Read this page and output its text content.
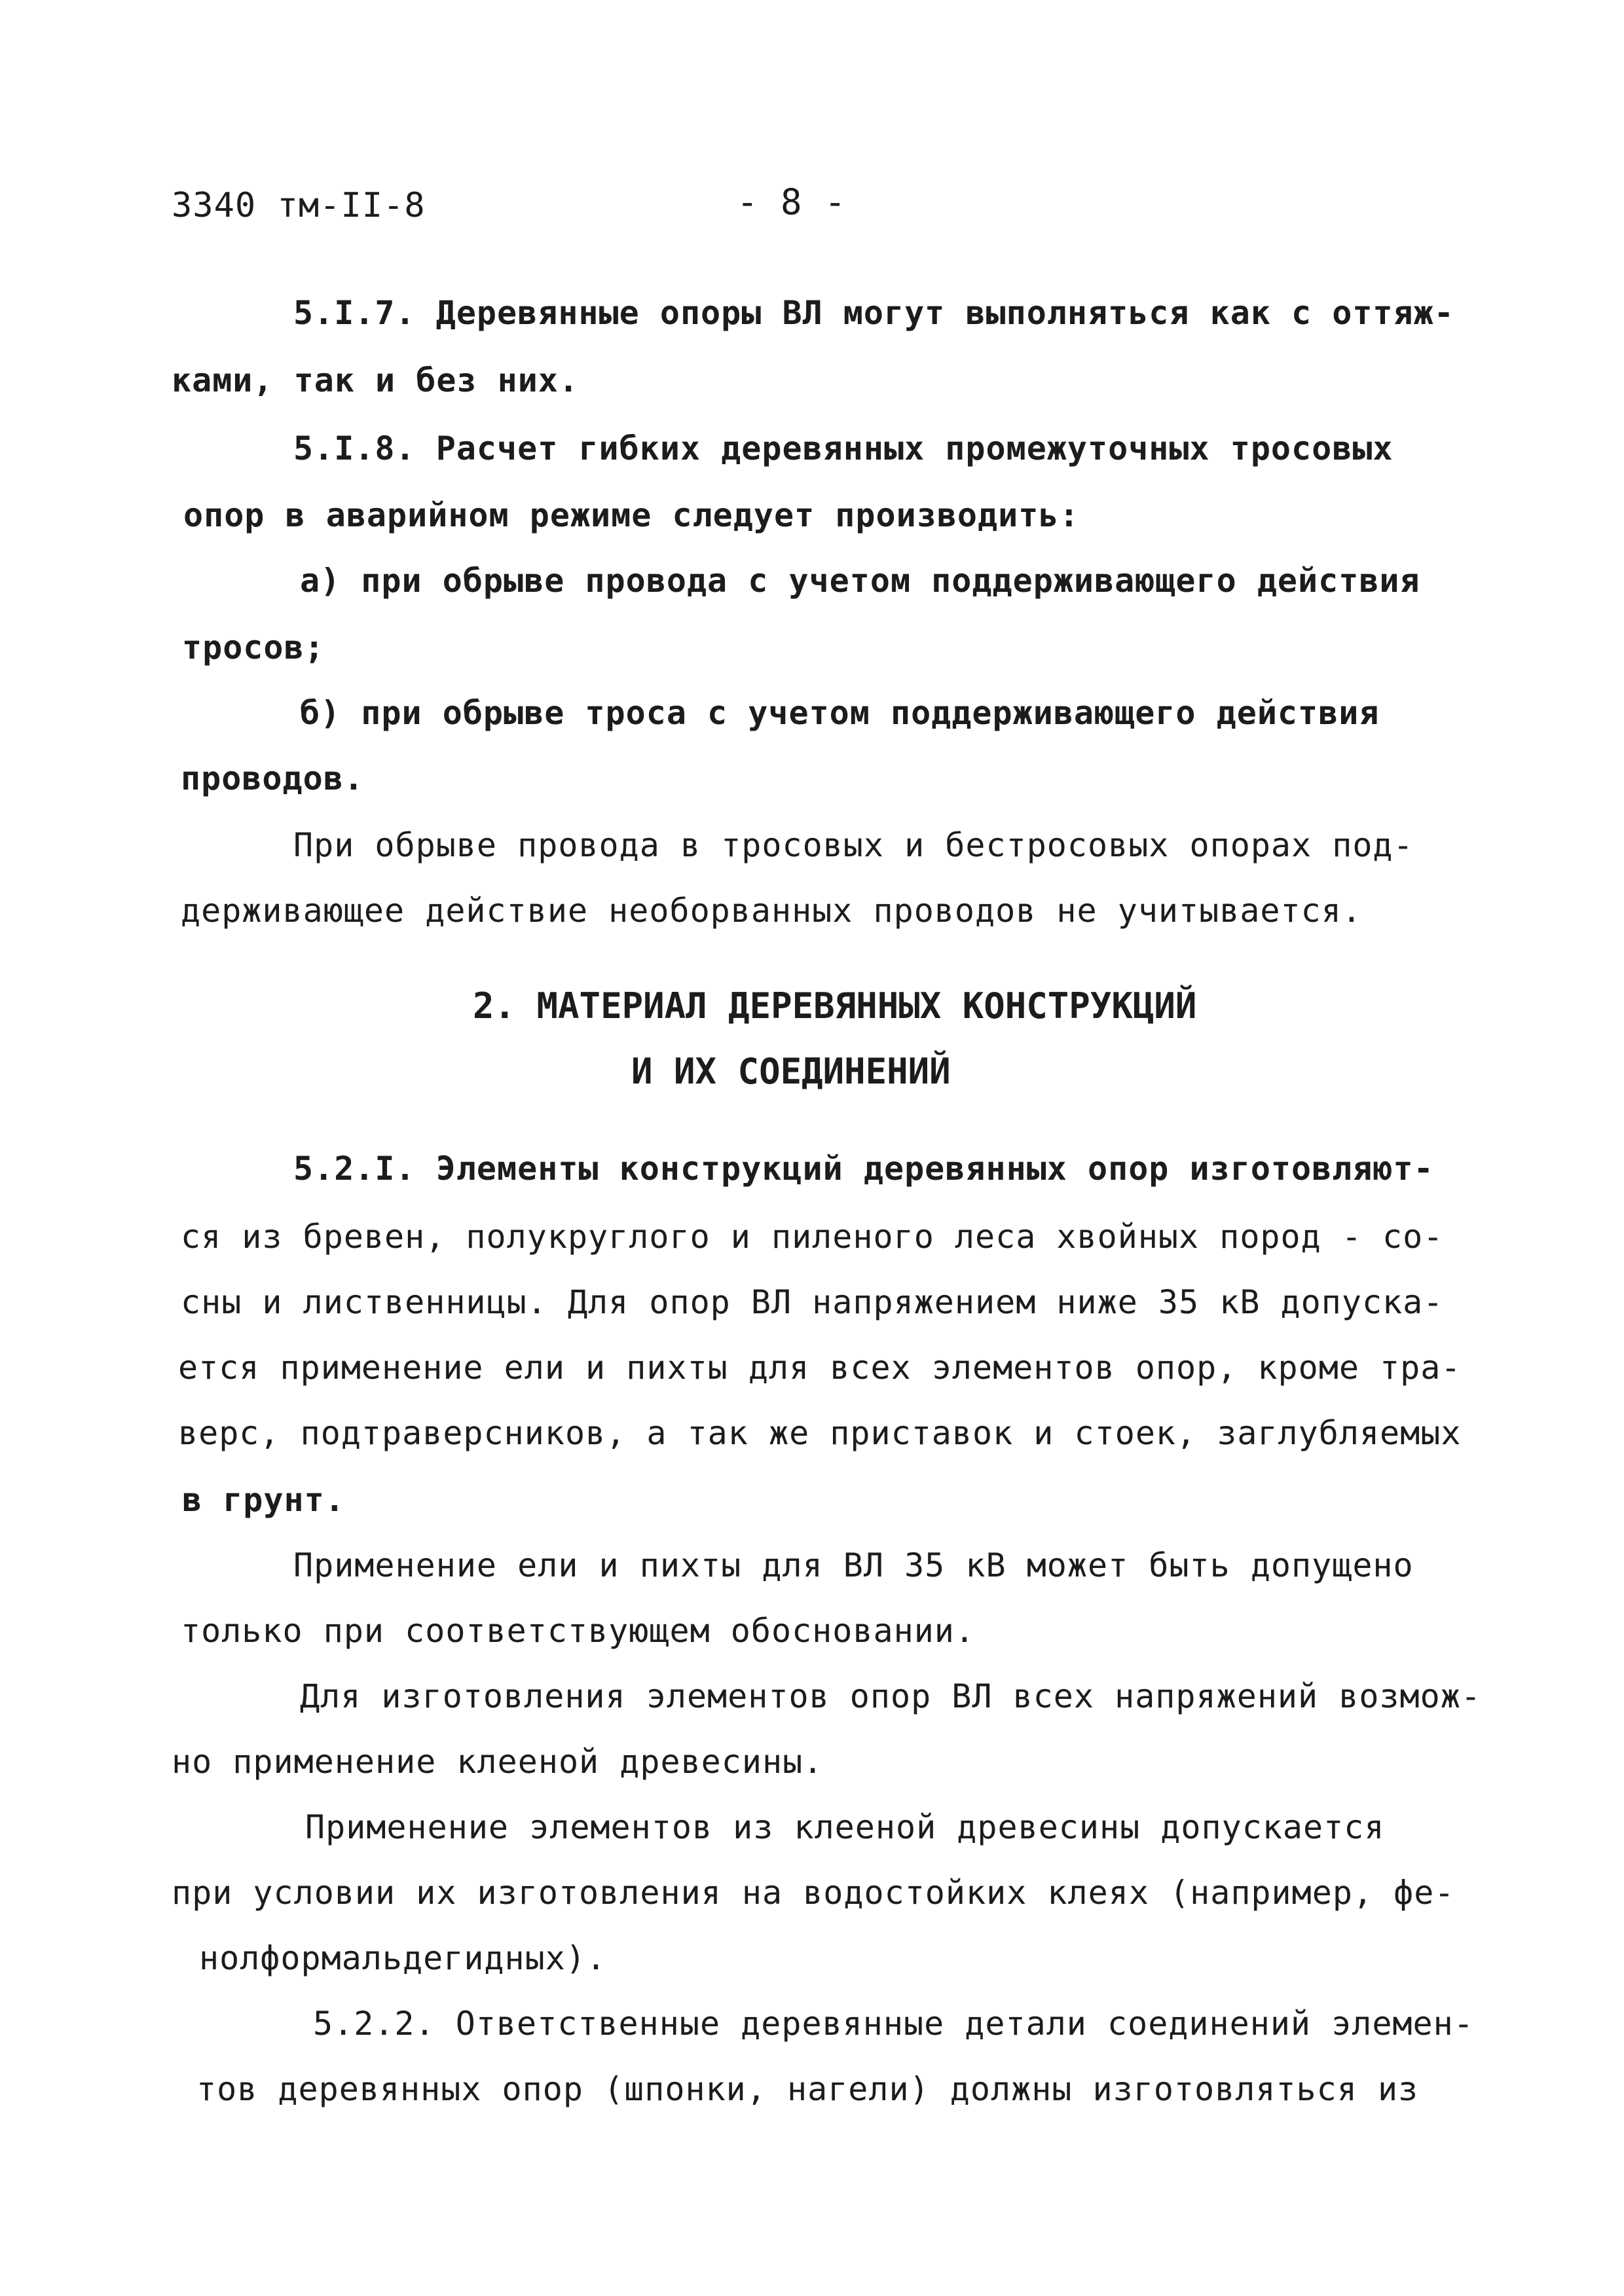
3340 тм-II-8	- 8 -
5.I.7. Деревянные опоры ВЛ могут выполняться как с оттяж-
ками, так и без них.
5.I.8. Расчет гибких деревянных промежуточных тросовых
опор в аварийном режиме следует производить:
а) при обрыве провода с учетом поддерживающего действия
тросов;
б) при обрыве троса с учетом поддерживающего действия
проводов.
При обрыве провода в тросовых и бестросовых опорах под-
держивающее действие необорванных проводов не учитывается.
2. МАТЕРИАЛ ДЕРЕВЯННЫХ КОНСТРУКЦИЙ
И ИХ СОЕДИНЕНИЙ
5.2.I. Элементы конструкций деревянных опор изготовляют-
ся из бревен, полукруглого и пиленого леса хвойных пород - со-
сны и лиственницы. Для опор ВЛ напряжением ниже 35 кВ допуска-
ется применение ели и пихты для всех элементов опор, кроме тра-
верс, подтраверсников, а так же приставок и стоек, заглубляемых
в грунт.
Применение ели и пихты для ВЛ 35 кВ может быть допущено
только при соответствующем обосновании.
Для изготовления элементов опор ВЛ всех напряжений возмож-
но применение клееной древесины.
Применение элементов из клееной древесины допускается
при условии их изготовления на водостойких клеях (например, фе-
нолформальдегидных).
5.2.2. Ответственные деревянные детали соединений элемен-
тов деревянных опор (шпонки, нагели) должны изготовляться из
